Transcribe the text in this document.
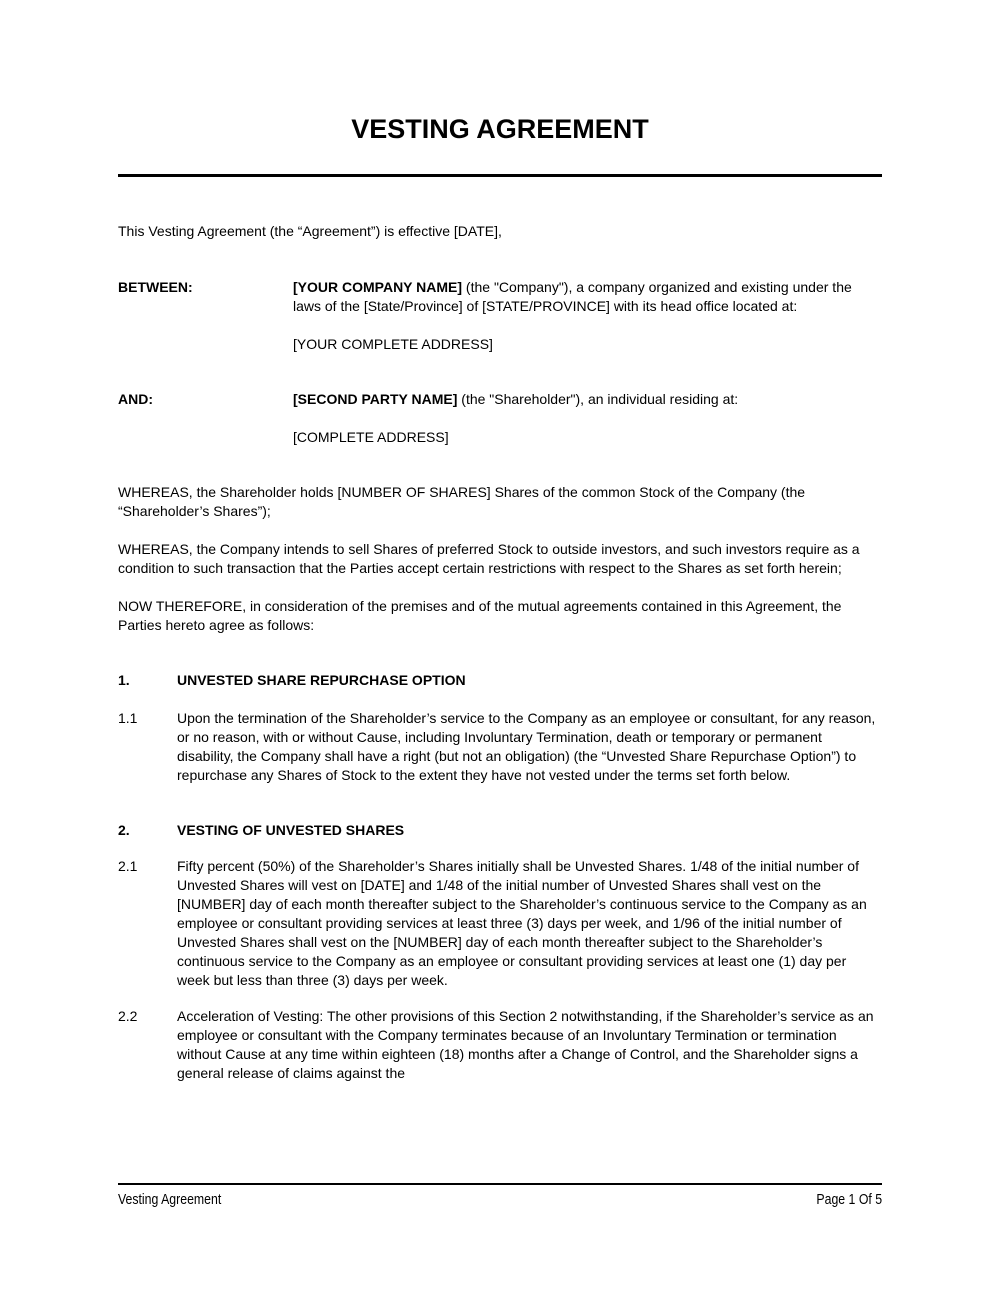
VESTING AGREEMENT

This Vesting Agreement (the “Agreement”) is effective [DATE],

BETWEEN:	[YOUR COMPANY NAME] (the "Company"), a company organized and existing under the laws of the [State/Province] of [STATE/PROVINCE] with its head office located at:
[YOUR COMPLETE ADDRESS]
AND:	[SECOND PARTY NAME] (the "Shareholder"), an individual residing at:
[COMPLETE ADDRESS]

WHEREAS, the Shareholder holds [NUMBER OF SHARES] Shares of the common Stock of the Company (the “Shareholder’s Shares”);

WHEREAS, the Company intends to sell Shares of preferred Stock to outside investors, and such investors require as a condition to such transaction that the Parties accept certain restrictions with respect to the Shares as set forth herein;

NOW THEREFORE, in consideration of the premises and of the mutual agreements contained in this Agreement, the Parties hereto agree as follows:

1.	UNVESTED SHARE REPURCHASE OPTION
1.1	Upon the termination of the Shareholder’s service to the Company as an employee or consultant, for any reason, or no reason, with or without Cause, including Involuntary Termination, death or temporary or permanent disability, the Company shall have a right (but not an obligation) (the “Unvested Share Repurchase Option”) to repurchase any Shares of Stock to the extent they have not vested under the terms set forth below.
2.	VESTING OF UNVESTED SHARES
2.1	Fifty percent (50%) of the Shareholder’s Shares initially shall be Unvested Shares. 1/48 of the initial number of Unvested Shares will vest on [DATE] and 1/48 of the initial number of Unvested Shares shall vest on the [NUMBER] day of each month thereafter subject to the Shareholder’s continuous service to the Company as an employee or consultant providing services at least three (3) days per week, and 1/96 of the initial number of Unvested Shares shall vest on the [NUMBER] day of each month thereafter subject to the Shareholder’s continuous service to the Company as an employee or consultant providing services at least one (1) day per week but less than three (3) days per week.
2.2	Acceleration of Vesting: The other provisions of this Section 2 notwithstanding, if the Shareholder’s service as an employee or consultant with the Company terminates because of an Involuntary Termination or termination without Cause at any time within eighteen (18) months after a Change of Control, and the Shareholder signs a general release of claims against the
Vesting Agreement	Page 1 Of 5
